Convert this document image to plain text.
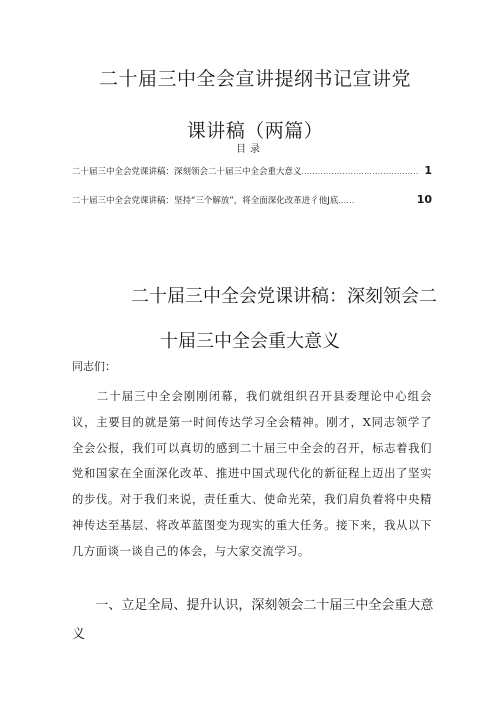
二十届三中全会宣讲提纲书记宣讲党
课讲稿（两篇）
目录
二十届三中全会党课讲稿：深刻领会二十届三中全会重大意义 ........................................... 1
二十届三中全会党课讲稿：坚持“三个解放”，将全面深化改革进彳他J底 ......	10
二十届三中全会党课讲稿：深刻领会二
十届三中全会重大意义
同志们：

二十届三中全会刚刚闭幕，我们就组织召开县委理论中心组会议，主要目的就是第一时间传达学习全会精神。刚才，X同志领学了全会公报，我们可以真切的感到二十届三中全会的召开，标志着我们党和国家在全面深化改革、推进中国式现代化的新征程上迈出了坚实的步伐。对于我们来说，责任重大、使命光荣，我们肩负着将中央精神传达至基层、将改革蓝图变为现实的重大任务。接下来，我从以下几方面谈一谈自己的体会，与大家交流学习。

一、立足全局、提升认识，深刻领会二十届三中全会重大意义
